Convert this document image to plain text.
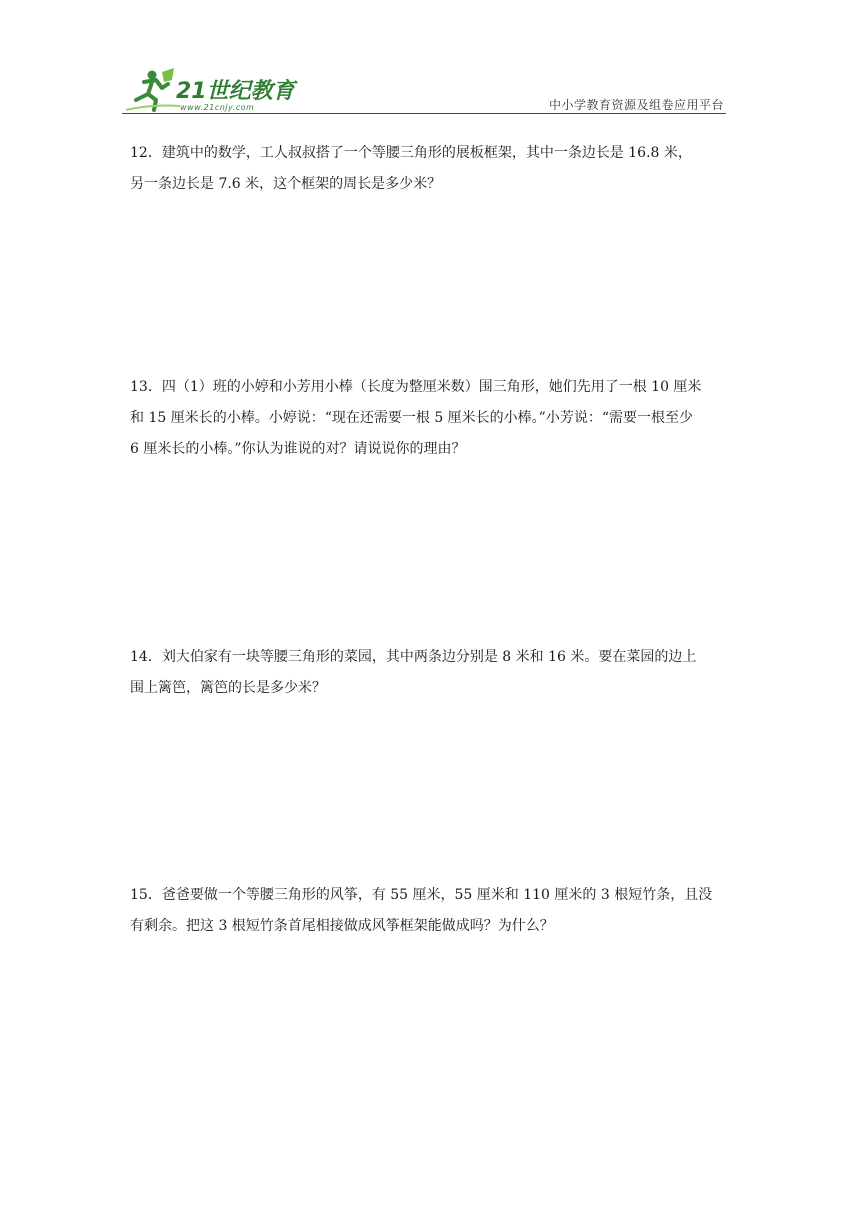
21世纪教育
www.21cnjy.com	中小学教育资源及组卷应用平台

12．建筑中的数学，工人叔叔搭了一个等腰三角形的展板框架，其中一条边长是 16.8 米，

另一条边长是 7.6 米，这个框架的周长是多少米？

13．四（1）班的小婷和小芳用小棒（长度为整厘米数）围三角形，她们先用了一根 10 厘米

和 15 厘米长的小棒。小婷说：“现在还需要一根 5 厘米长的小棒。”小芳说：“需要一根至少

6 厘米长的小棒。”你认为谁说的对？请说说你的理由？

14．刘大伯家有一块等腰三角形的菜园，其中两条边分别是 8 米和 16 米。要在菜园的边上

围上篱笆，篱笆的长是多少米？

15．爸爸要做一个等腰三角形的风筝，有 55 厘米，55 厘米和 110 厘米的 3 根短竹条，且没

有剩余。把这 3 根短竹条首尾相接做成风筝框架能做成吗？为什么？
